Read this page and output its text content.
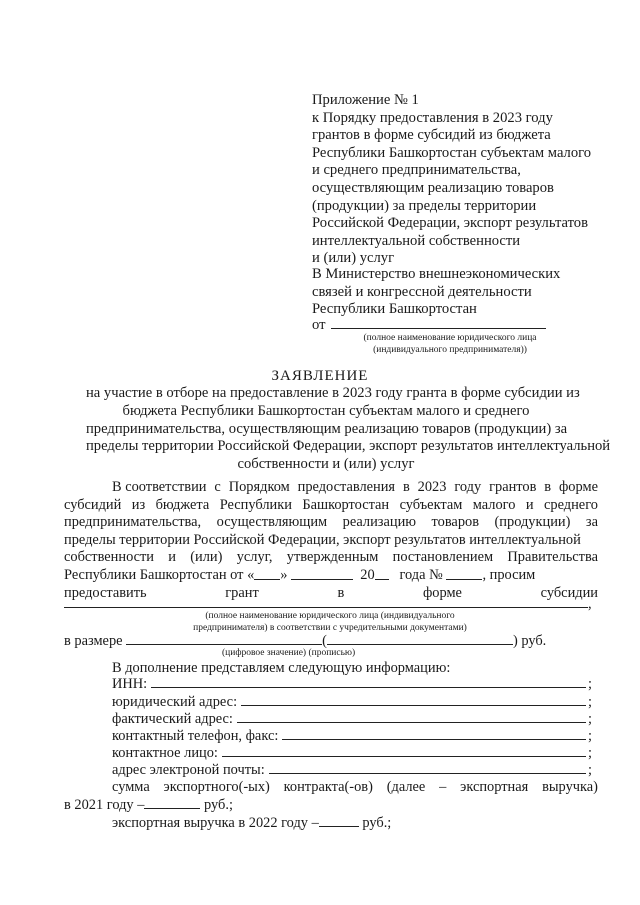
Приложение № 1
к Порядку предоставления в 2023 году
грантов в форме субсидий из бюджета
Республики Башкортостан субъектам малого
и среднего предпринимательства,
осуществляющим реализацию товаров
(продукции) за пределы территории
Российской Федерации, экспорт результатов
интеллектуальной собственности
и (или) услуг
В Министерство внешнеэкономических
связей и конгрессной деятельности
Республики Башкортостан
от
(полное наименование юридического лица
(индивидуального предпринимателя))
ЗАЯВЛЕНИЕ
на участие в отборе на предоставление в 2023 году гранта в форме субсидии из
бюджета Республики Башкортостан субъектам малого и среднего
предпринимательства, осуществляющим реализацию товаров (продукции) за
пределы территории Российской Федерации, экспорт результатов интеллектуальной
собственности и (или) услуг
В соответствии с Порядком предоставления в 2023 году грантов в форме
субсидий из бюджета Республики Башкортостан субъектам малого и среднего
предпринимательства, осуществляющим реализацию товаров (продукции) за
пределы территории Российской Федерации, экспорт результатов интеллектуальной
собственности и (или) услуг, утвержденным постановлением Правительства
Республики Башкортостан от « »

	20
года №
	, просим
предоставить	грант	в	форме	субсидии
,
(полное наименование юридического лица (индивидуального
предпринимателя) в соответствии с учредительными документами)
в размере	(	) руб.
(цифровое значение) (прописью)
В дополнение представляем следующую информацию:
ИНН:	;
юридический адрес:	;
фактический адрес:	;
контактный телефон, факс:	;
контактное лицо:	;
адрес электроной почты:	;
сумма экспортного(-ых) контракта(-ов) (далее – экспортная выручка)
в 2021 году –	руб.;
экспортная выручка в 2022 году –	руб.;
